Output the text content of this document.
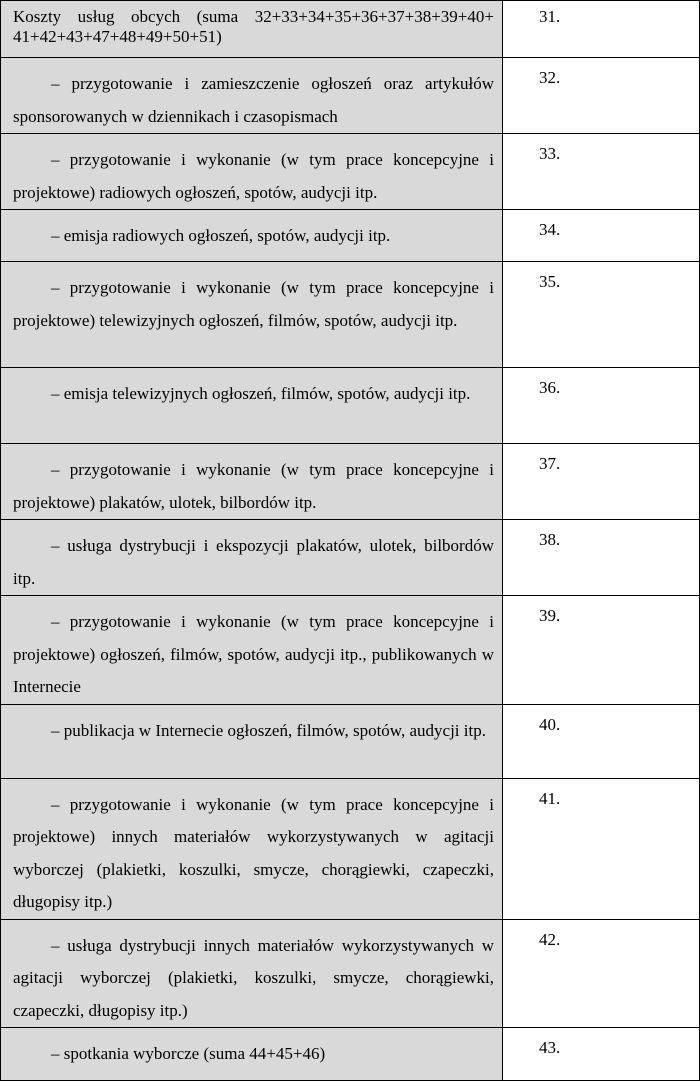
Koszty usług obcych (suma 32+33+34+35+36+37+38+39+40+ 41+42+43+47+48+49+50+51)	31.
– przygotowanie i zamieszczenie ogłoszeń oraz artykułów sponsorowanych w dziennikach i czasopismach	32.
– przygotowanie i wykonanie (w tym prace koncepcyjne i projektowe) radiowych ogłoszeń, spotów, audycji itp.	33.
– emisja radiowych ogłoszeń, spotów, audycji itp.	34.
– przygotowanie i wykonanie (w tym prace koncepcyjne i projektowe) telewizyjnych ogłoszeń, filmów, spotów, audycji itp.	35.
– emisja telewizyjnych ogłoszeń, filmów, spotów, audycji itp.	36.
– przygotowanie i wykonanie (w tym prace koncepcyjne i projektowe) plakatów, ulotek, bilbordów itp.	37.
– usługa dystrybucji i ekspozycji plakatów, ulotek, bilbordów itp.	38.
– przygotowanie i wykonanie (w tym prace koncepcyjne i projektowe) ogłoszeń, filmów, spotów, audycji itp., publikowanych w Internecie	39.
– publikacja w Internecie ogłoszeń, filmów, spotów, audycji itp.	40.
– przygotowanie i wykonanie (w tym prace koncepcyjne i projektowe) innych materiałów wykorzystywanych w agitacji wyborczej (plakietki, koszulki, smycze, chorągiewki, czapeczki, długopisy itp.)	41.
– usługa dystrybucji innych materiałów wykorzystywanych w agitacji wyborczej (plakietki, koszulki, smycze, chorągiewki, czapeczki, długopisy itp.)	42.
– spotkania wyborcze (suma 44+45+46)	43.
